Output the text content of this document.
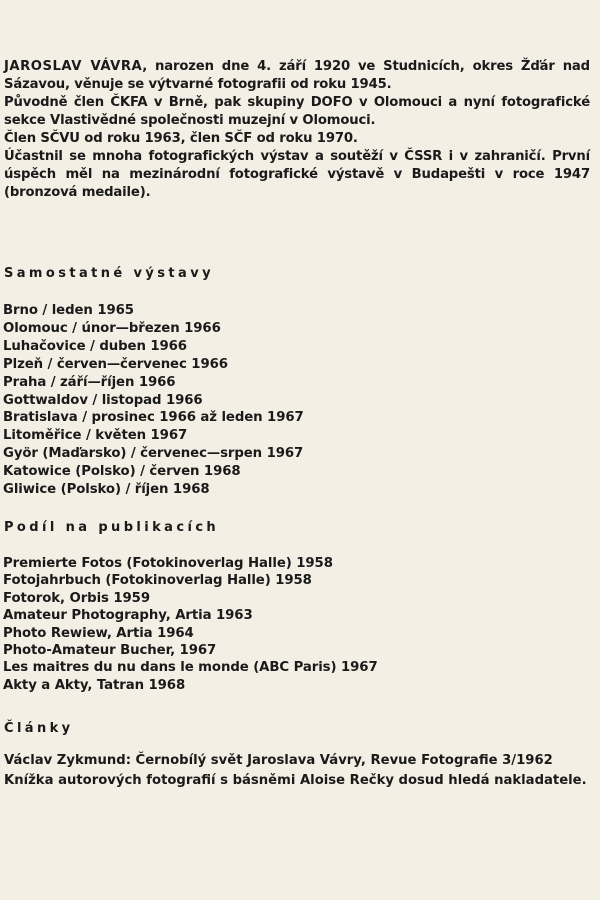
JAROSLAV VÁVRA, narozen dne 4. září 1920 ve Studnicích, okres Žďár nad Sázavou, věnuje se výtvarné fotografii od roku 1945.

Původně člen ČKFA v Brně, pak skupiny DOFO v Olomouci a nyní fotografické sekce Vlastivědné společnosti muzejní v Olomouci.

Člen SČVU od roku 1963, člen SČF od roku 1970.

Účastnil se mnoha fotografických výstav a soutěží v ČSSR i v zahraničí. První úspěch měl na mezinárodní fotografické výstavě v Budapešti v roce 1947 (bronzová medaile).

Samostatné výstavy
Brno / leden 1965
Olomouc / únor—březen 1966
Luhačovice / duben 1966
Plzeň / červen—červenec 1966
Praha / září—říjen 1966
Gottwaldov / listopad 1966
Bratislava / prosinec 1966 až leden 1967
Litoměřice / květen 1967
Györ (Maďarsko) / červenec—srpen 1967
Katowice (Polsko) / červen 1968
Gliwice (Polsko) / říjen 1968
Podíl na publikacích
Premierte Fotos (Fotokinoverlag Halle) 1958
Fotojahrbuch (Fotokinoverlag Halle) 1958
Fotorok, Orbis 1959
Amateur Photography, Artia 1963
Photo Rewiew, Artia 1964
Photo-Amateur Bucher, 1967
Les maitres du nu dans le monde (ABC Paris) 1967
Akty a Akty, Tatran 1968
Články

Václav Zykmund: Černobílý svět Jaroslava Vávry, Revue Fotografie 3/1962

Knížka autorových fotografií s básněmi Aloise Rečky dosud hledá nakladatele.
